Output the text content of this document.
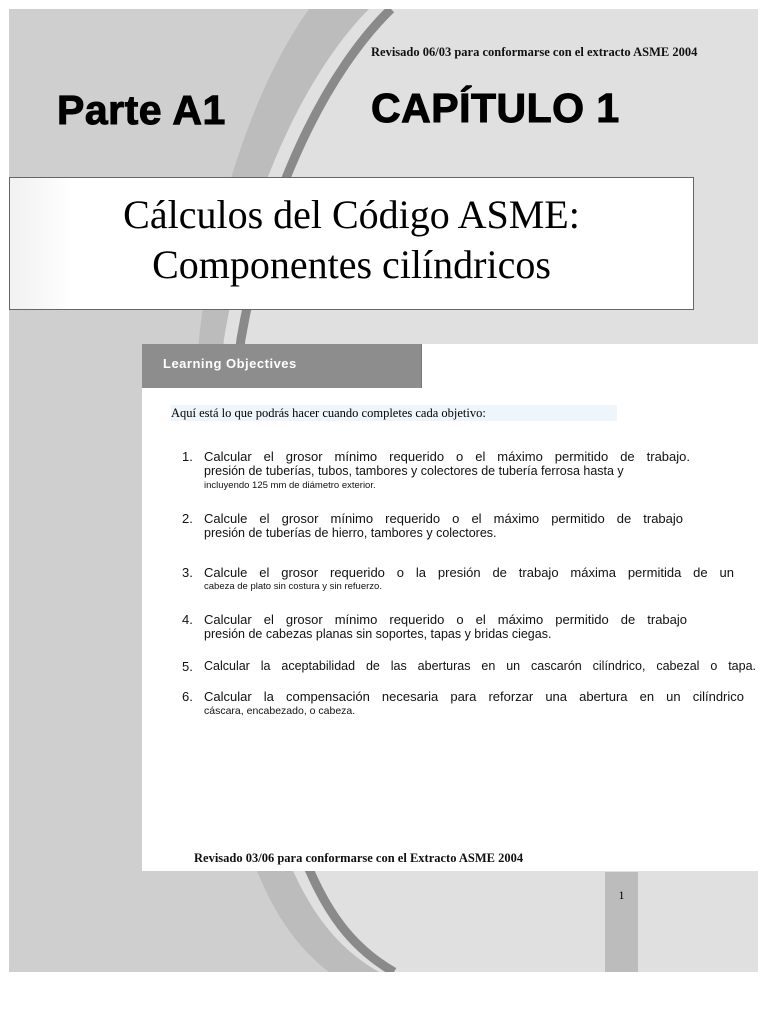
Revisado 06/03 para conformarse con el extracto ASME 2004
Parte A1	CAPÍTULO 1
Cálculos del Código ASME:
Componentes cilíndricos
Learning Objectives
Aquí está lo que podrás hacer cuando completes cada objetivo:
1. Calcular el grosor mínimo requerido o el máximo permitido de trabajo.
presión de tuberías, tubos, tambores y colectores de tubería ferrosa hasta y
incluyendo 125 mm de diámetro exterior.
2. Calcule el grosor mínimo requerido o el máximo permitido de trabajo
presión de tuberías de hierro, tambores y colectores.
3. Calcule el grosor requerido o la presión de trabajo máxima permitida de un
cabeza de plato sin costura y sin refuerzo.
4. Calcular el grosor mínimo requerido o el máximo permitido de trabajo
presión de cabezas planas sin soportes, tapas y bridas ciegas.
5. Calcular la aceptabilidad de las aberturas en un cascarón cilíndrico, cabezal o tapa.
6. Calcular la compensación necesaria para reforzar una abertura en un cilíndrico
cáscara, encabezado, o cabeza.
Revisado 03/06 para conformarse con el Extracto ASME 2004
1
